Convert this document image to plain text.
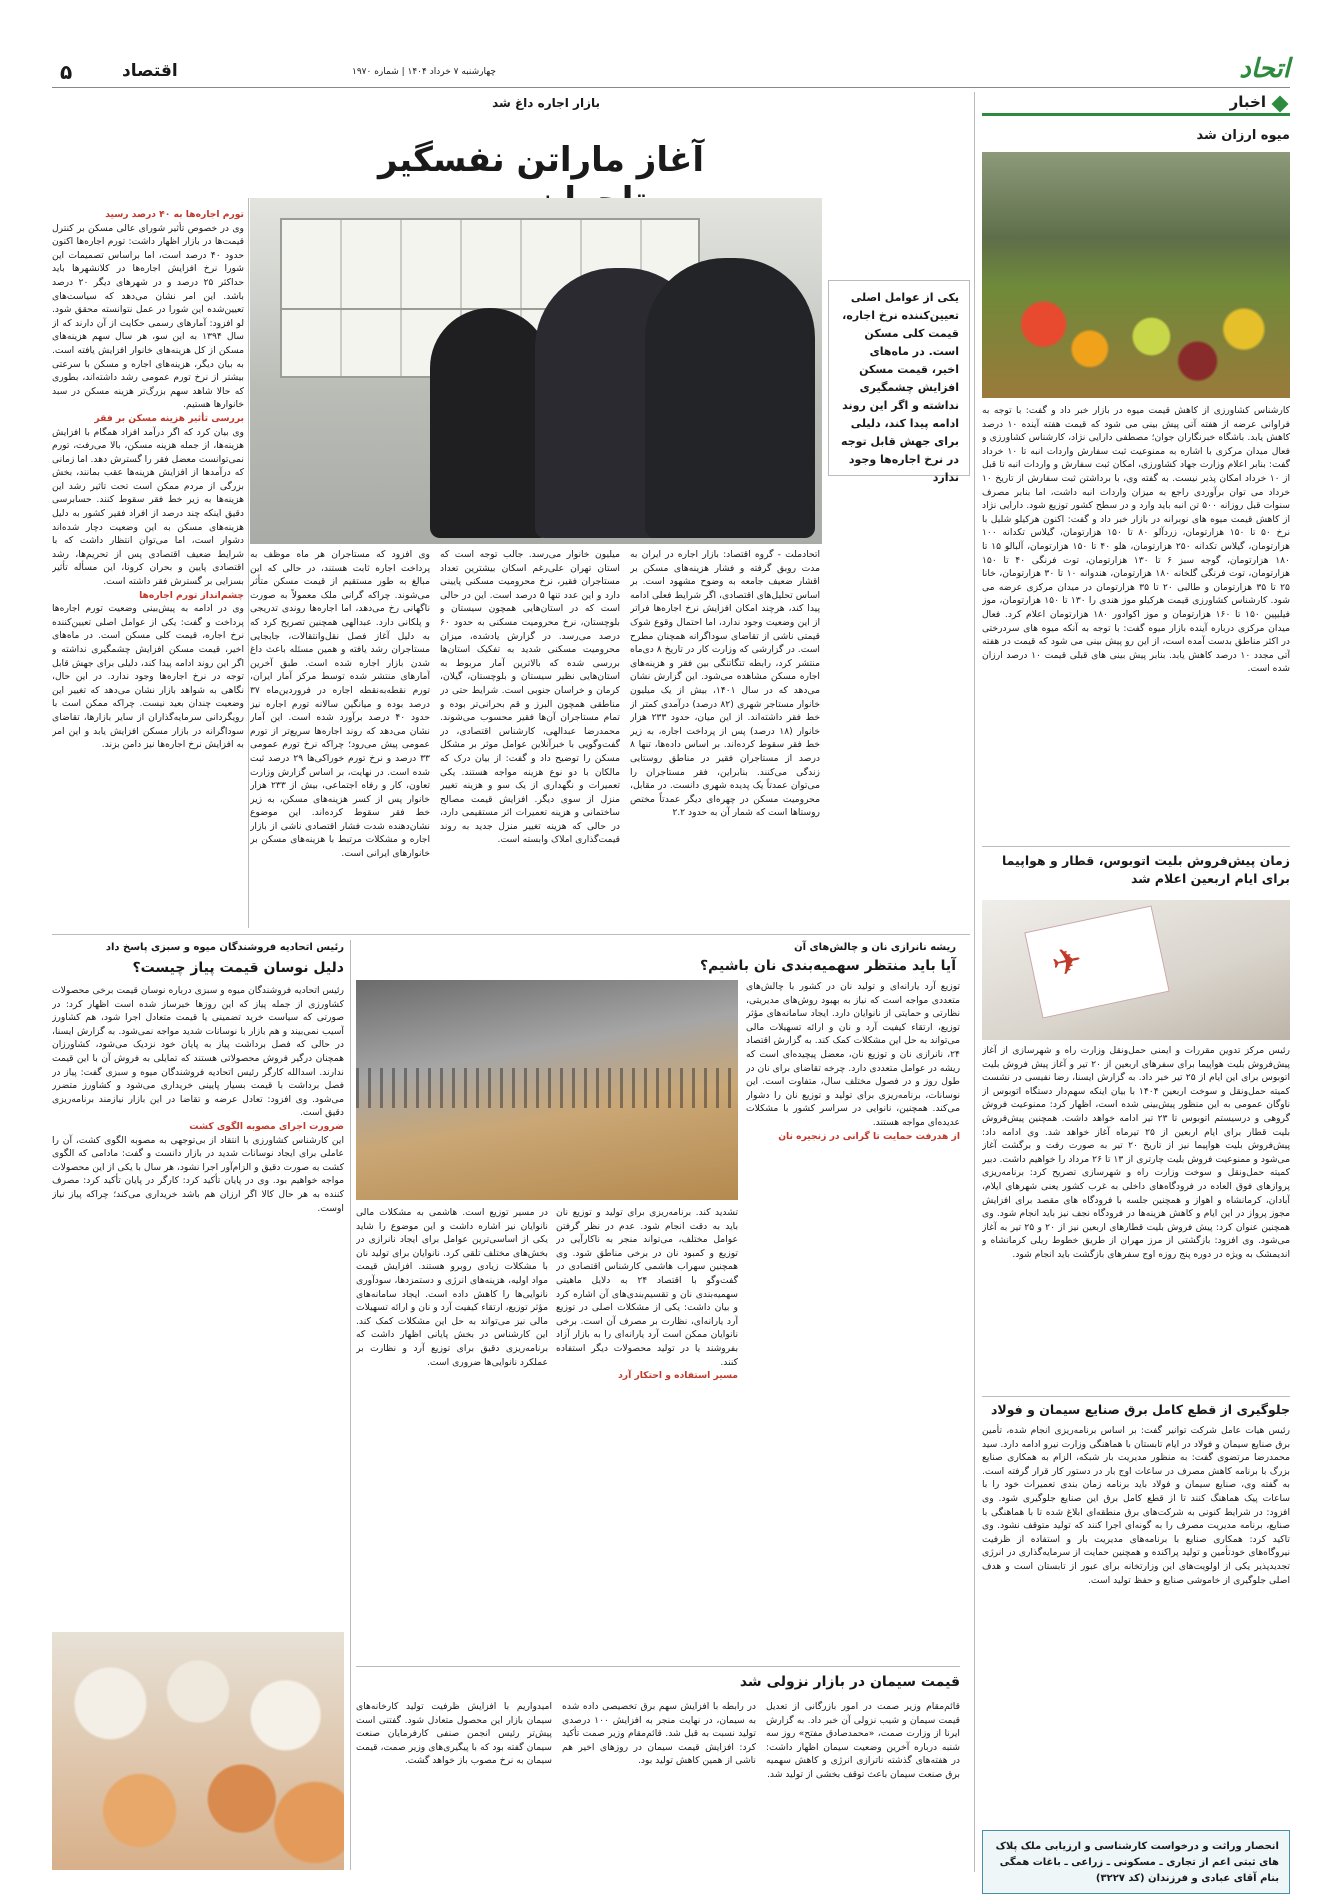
۵	اقتصاد	چهارشنبه ۷ خرداد ۱۴۰۴ | شماره ۱۹۷۰	اتحاد
اخبار
میوه ارزان شد
کارشناس کشاورزی از کاهش قیمت میوه در بازار خبر داد و گفت: با توجه به فراوانی عرضه از هفته آتی پیش بینی می شود که قیمت هفته آینده ۱۰ درصد کاهش یابد. باشگاه خبرنگاران جوان؛ مصطفی دارایی نژاد، کارشناس کشاورزی و فعال میدان مرکزی با اشاره به ممنوعیت ثبت سفارش واردات انبه تا ۱۰ خرداد گفت: بنابر اعلام وزارت جهاد کشاورزی، امکان ثبت سفارش و واردات انبه تا قبل از ۱۰ خرداد امکان پذیر نیست. به گفته وی، با برداشتن ثبت سفارش از تاریخ ۱۰ خرداد می توان برآوردی راجع به میزان واردات انبه داشت، اما بنابر مصرف سنوات قبل روزانه ۵۰۰ تن انبه باید وارد و در سطح کشور توزیع شود. دارایی نژاد از کاهش قیمت میوه های نوبرانه در بازار خبر داد و گفت: اکنون هرکیلو شلیل با نرخ ۵۰ تا ۱۵۰ هزارتومان، زردآلو ۸۰ تا ۱۵۰ هزارتومان، گیلاس تکدانه ۱۰۰ هزارتومان، گیلاس تکدانه ۲۵۰ هزارتومان، هلو ۴۰ تا ۱۵۰ هزارتومان، آلبالو ۱۵ تا ۱۸۰ هزارتومان، گوجه سبز ۶ تا ۱۳۰ هزارتومان، توت فرنگی ۴۰ تا ۱۵۰ هزارتومان، توت فرنگی گلخانه ۱۸۰ هزارتومان، هندوانه ۱۰ تا ۳۰ هزارتومان، خانا ۲۵ تا ۳۵ هزارتومان و طالبی ۲۰ تا ۳۵ هزارتومان در میدان مرکزی عرضه می شود. کارشناس کشاورزی قیمت هرکیلو موز هندی را ۱۳۰ تا ۱۵۰ هزارتومان، موز فیلیپین ۱۵۰ تا ۱۶۰ هزارتومان و موز اکوادور ۱۸۰ هزارتومان اعلام کرد. فعال میدان مرکزی درباره آینده بازار میوه گفت: با توجه به آنکه میوه های سردرختی در اکثر مناطق بدست آمده است، از این رو پیش بینی می شود که قیمت در هفته آتی مجدد ۱۰ درصد کاهش یابد. بنابر پیش بینی های قبلی قیمت ۱۰ درصد ارزان شده است.
زمان پیش‌فروش بلیت اتوبوس، قطار و هواپیما برای ایام اربعین اعلام شد
✈
رئیس مرکز تدوین مقررات و ایمنی حمل‌ونقل وزارت راه و شهرسازی از آغاز پیش‌فروش بلیت هواپیما برای سفرهای اربعین از ۲۰ تیر و آغاز پیش فروش بلیت اتوبوس برای این ایام از ۲۵ تیر خبر داد. به گزارش ایسنا، رضا نفیسی در نشست کمیته حمل‌ونقل و سوخت اربعین ۱۴۰۴ با بیان اینکه سهم‌دار دستگاه اتوبوس از ناوگان عمومی به این منظور پیش‌بینی شده است، اظهار کرد: ممنوعیت فروش گروهی و درسیستم اتوبوس تا ۲۳ تیر ادامه خواهد داشت. همچنین پیش‌فروش بلیت قطار برای ایام اربعین از ۲۵ تیرماه آغاز خواهد شد. وی ادامه داد: پیش‌فروش بلیت هواپیما نیز از تاریخ ۲۰ تیر به صورت رفت و برگشت آغاز می‌شود و ممنوعیت فروش بلیت چارتری از ۱۳ تا ۲۶ مرداد را خواهیم داشت. دبیر کمیته حمل‌ونقل و سوخت وزارت راه و شهرسازی تصریح کرد: برنامه‌ریزی پروازهای فوق العاده در فرودگاه‌های داخلی به غرب کشور یعنی شهرهای ایلام، آبادان، کرمانشاه و اهواز و همچنین جلسه با فرودگاه های مقصد برای افزایش مجوز پرواز در این ایام و کاهش هزینه‌ها در فرودگاه نجف نیز باید انجام شود. وی همچنین عنوان کرد: پیش فروش بلیت قطارهای اربعین نیز از ۲۰ و ۲۵ تیر به آغاز می‌شود. وی افزود: بازگشتی از مرز مهران از طریق خطوط ریلی کرمانشاه و اندیمشک به ویژه در دوره پنج روزه اوج سفرهای بازگشت باید انجام شود.
جلوگیری از قطع کامل برق صنایع سیمان و فولاد
رئیس هیات عامل شرکت توانیر گفت: بر اساس برنامه‌ریزی انجام شده، تأمین برق صنایع سیمان و فولاد در ایام تابستان با هماهنگی وزارت نیرو ادامه دارد. سید محمدرضا مرتضوی گفت: به منظور مدیریت بار شبکه، الزام به همکاری صنایع بزرگ با برنامه کاهش مصرف در ساعات اوج بار در دستور کار قرار گرفته است. به گفته وی، صنایع سیمان و فولاد باید برنامه زمان بندی تعمیرات خود را با ساعات پیک هماهنگ کنند تا از قطع کامل برق این صنایع جلوگیری شود. وی افزود: در شرایط کنونی به شرکت‌های برق منطقه‌ای ابلاغ شده تا با هماهنگی با صنایع، برنامه مدیریت مصرف را به گونه‌ای اجرا کنند که تولید متوقف نشود. وی تاکید کرد: همکاری صنایع با برنامه‌های مدیریت بار و استفاده از ظرفیت نیروگاه‌های خودتأمین و تولید پراکنده و همچنین حمایت از سرمایه‌گذاری در انرژی تجدیدپذیر یکی از اولویت‌های این وزارتخانه برای عبور از تابستان است و هدف اصلی جلوگیری از خاموشی صنایع و حفظ تولید است.
انحصار وراثت و درخواست کارشناسی و ارزیابی ملک پلاک های ثبتی اعم از تجاری ـ مسکونی ـ زراعی ـ باغات همگی بنام آقای عبادی و فرزندان (کد ۳۲۲۷)
بازار اجاره داغ شد
آغاز ماراتن نفسگیر
یکی از عوامل اصلی تعیین‌کننده نرخ اجاره، قیمت کلی مسکن است. در ماه‌های اخیر، قیمت مسکن افزایش چشمگیری نداشته و اگر این روند ادامه پیدا کند، دلیلی برای جهش قابل توجه در نرخ اجاره‌ها وجود ندارد
تورم اجاره‌ها به ۴۰ درصد رسید
وی در خصوص تأثیر شورای عالی مسکن بر کنترل قیمت‌ها در بازار اظهار داشت: تورم اجاره‌ها اکنون حدود ۴۰ درصد است، اما براساس تصمیمات این شورا نرخ افزایش اجاره‌ها در کلانشهرها باید حداکثر ۲۵ درصد و در شهرهای دیگر ۲۰ درصد باشد. این امر نشان می‌دهد که سیاست‌های تعیین‌شده این شورا در عمل نتوانسته محقق شود. لو افزود: آمارهای رسمی حکایت از آن دارند که از سال ۱۳۹۴ به این سو، هر سال سهم هزینه‌های مسکن از کل هزینه‌های خانوار افزایش یافته است. به بیان دیگر، هزینه‌های اجاره و مسکن با سرعتی بیشتر از نرخ تورم عمومی رشد داشته‌اند، بطوری که حالا شاهد سهم بزرگ‌تر هزینه مسکن در سبد خانوارها هستیم.
بررسی تأثیر هزینه مسکن بر فقر
وی بیان کرد که اگر درآمد افراد همگام با افزایش هزینه‌ها، از جمله هزینه مسکن، بالا می‌رفت، تورم نمی‌توانست معضل فقر را گسترش دهد. اما زمانی که درآمدها از افزایش هزینه‌ها عقب بمانند، بخش بزرگی از مردم ممکن است تحت تاثیر رشد این هزینه‌ها به زیر خط فقر سقوط کنند. حسابرسی دقیق اینکه چند درصد از افراد فقیر کشور به دلیل هزینه‌های مسکن به این وضعیت دچار شده‌اند دشوار است، اما می‌توان انتظار داشت که با شرایط ضعیف اقتصادی پس از تحریم‌ها، رشد اقتصادی پایین و بحران کرونا، این مسأله تأثیر بسزایی بر گسترش فقر داشته است.
چشم‌انداز تورم اجاره‌ها
وی در ادامه به پیش‌بینی وضعیت تورم اجاره‌ها پرداخت و گفت: یکی از عوامل اصلی تعیین‌کننده نرخ اجاره، قیمت کلی مسکن است. در ماه‌های اخیر، قیمت مسکن افزایش چشمگیری نداشته و اگر این روند ادامه پیدا کند، دلیلی برای جهش قابل توجه در نرخ اجاره‌ها وجود ندارد. در این حال، نگاهی به شواهد بازار نشان می‌دهد که تغییر این وضعیت چندان بعید نیست. چراکه ممکن است با رویگردانی سرمایه‌گذاران از سایر بازارها، تقاضای سوداگرانه در بازار مسکن افزایش یابد و این امر به افزایش نرخ اجاره‌ها نیز دامن بزند.
وی افزود که مستاجران هر ماه موظف به پرداخت اجاره ثابت هستند، در حالی که این مبالغ به طور مستقیم از قیمت مسکن متأثر می‌شوند. چراکه گرانی ملک معمولاً به صورت ناگهانی رخ می‌دهد، اما اجاره‌ها روندی تدریجی و پلکانی دارد. عبدالهی همچنین تصریح کرد که به دلیل آغاز فصل نقل‌وانتقالات، جابجایی مستاجران رشد یافته و همین مسئله باعث داغ شدن بازار اجاره شده است. طبق آخرین آمارهای منتشر شده توسط مرکز آمار ایران، تورم نقطه‌به‌نقطه اجاره در فروردین‌ماه ۳۷ درصد بوده و میانگین سالانه تورم اجاره نیز حدود ۴۰ درصد برآورد شده است. این آمار نشان می‌دهد که روند اجاره‌ها سریع‌تر از تورم عمومی پیش می‌رود؛ چراکه نرخ تورم عمومی ۳۳ درصد و نرخ تورم خوراکی‌ها ۲۹ درصد ثبت شده است. در نهایت، بر اساس گزارش وزارت تعاون، کار و رفاه اجتماعی، بیش از ۲۳۳ هزار خانوار پس از کسر هزینه‌های مسکن، به زیر خط فقر سقوط کرده‌اند. این موضوع نشان‌دهنده شدت فشار اقتصادی ناشی از بازار اجاره و مشکلات مرتبط با هزینه‌های مسکن بر خانوارهای ایرانی است.
میلیون خانوار می‌رسد. جالب توجه است که استان تهران علی‌رغم اسکان بیشترین تعداد مستاجران فقیر، نرخ محرومیت مسکنی پایینی دارد و این عدد تنها ۵ درصد است. این در حالی است که در استان‌هایی همچون سیستان و بلوچستان، نرخ محرومیت مسکنی به حدود ۶۰ درصد می‌رسد. در گزارش یادشده، میزان محرومیت مسکنی شدید به تفکیک استان‌ها بررسی شده که بالاترین آمار مربوط به استان‌هایی نظیر سیستان و بلوچستان، گیلان، کرمان و خراسان جنوبی است. شرایط حتی در مناطقی همچون البرز و قم بحرانی‌تر بوده و تمام مستاجران آن‌ها فقیر محسوب می‌شوند. محمدرضا عبدالهی، کارشناس اقتصادی، در گفت‌وگویی با خبرآنلاین عوامل موثر بر مشکل مسکن را توضیح داد و گفت: از بیان درک که مالکان با دو نوع هزینه مواجه هستند. یکی تعمیرات و نگهداری از یک سو و هزینه تغییر منزل از سوی دیگر. افزایش قیمت مصالح ساختمانی و هزینه تعمیرات اثر مستقیمی دارد، در حالی که هزینه تغییر منزل جدید به روند قیمت‌گذاری املاک وابسته است.
اتحادملت - گروه اقتصاد: بازار اجاره در ایران به مدت روبق گرفته و فشار هزینه‌های مسکن بر اقشار ضعیف جامعه به وضوح مشهود است. بر اساس تحلیل‌های اقتصادی، اگر شرایط فعلی ادامه پیدا کند، هرچند امکان افزایش نرخ اجاره‌ها فراتر از این وضعیت وجود ندارد، اما احتمال وقوع شوک قیمتی ناشی از تقاضای سوداگرانه همچنان مطرح است. در گزارشی که وزارت کار در تاریخ ۸ دی‌ماه منتشر کرد، رابطه تنگاتنگی بین فقر و هزینه‌های اجاره مسکن مشاهده می‌شود. این گزارش نشان می‌دهد که در سال ۱۴۰۱، بیش از یک میلیون خانوار مستاجر شهری (۸۲ درصد) درآمدی کمتر از خط فقر داشته‌اند. از این میان، حدود ۲۳۳ هزار خانوار (۱۸ درصد) پس از پرداخت اجاره، به زیر خط فقر سقوط کرده‌اند. بر اساس داده‌ها، تنها ۸ درصد از مستاجران فقیر در مناطق روستایی زندگی می‌کنند. بنابراین، فقر مستاجران را می‌توان عمدتاً یک پدیده شهری دانست. در مقابل، محرومیت مسکن در چهره‌ای دیگر عمدتاً مختص روستاها است که شمار آن به حدود ۲.۲
ریشه نانرازی نان و چالش‌های آن
آیا باید منتظر سهمیه‌بندی نان باشیم؟
توزیع آرد یارانه‌ای و تولید نان در کشور با چالش‌های متعددی مواجه است که نیاز به بهبود روش‌های مدیریتی، نظارتی و حمایتی از نانوایان دارد. ایجاد سامانه‌های مؤثر توزیع، ارتقاء کیفیت آرد و نان و ارائه تسهیلات مالی می‌تواند به حل این مشکلات کمک کند. به گزارش اقتصاد ۲۴، نانرازی نان و توزیع نان، معضل پیچیده‌ای است که ریشه در عوامل متعددی دارد. چرخه تقاضای برای نان در طول روز و در فصول مختلف سال، متفاوت است. این نوسانات، برنامه‌ریزی برای تولید و توزیع نان را دشوار می‌کند. همچنین، نانوایی در سراسر کشور با مشکلات عدیده‌ای مواجه هستند.
از هدرفت حمایت تا گرانی در زنجیره نان
تشدید کند. برنامه‌ریزی برای تولید و توزیع نان باید به دقت انجام شود. عدم در نظر گرفتن عوامل مختلف، می‌تواند منجر به ناکارآیی در توزیع و کمبود نان در برخی مناطق شود. وی همچنین سهراب هاشمی کارشناس اقتصادی در گفت‌وگو با اقتصاد ۲۴ به دلایل ماهیتی سهمیه‌بندی نان و تقسیم‌بندی‌های آن اشاره کرد و بیان داشت: یکی از مشکلات اصلی در توزیع آرد یارانه‌ای، نظارت بر مصرف آن است. برخی نانوایان ممکن است آرد یارانه‌ای را به بازار آزاد بفروشند یا در تولید محصولات دیگر استفاده کنند.
مسیر استفاده و احتکار آرد
در مسیر توزیع است. هاشمی به مشکلات مالی نانوایان نیز اشاره داشت و این موضوع را شاید یکی از اساسی‌ترین عوامل برای ایجاد نانرازی در بخش‌های مختلف تلقی کرد. نانوایان برای تولید نان با مشکلات زیادی روبرو هستند. افزایش قیمت مواد اولیه، هزینه‌های انرژی و دستمزدها، سودآوری نانوایی‌ها را کاهش داده است. ایجاد سامانه‌های مؤثر توزیع، ارتقاء کیفیت آرد و نان و ارائه تسهیلات مالی نیز می‌تواند به حل این مشکلات کمک کند. این کارشناس در بخش پایانی اظهار داشت که برنامه‌ریزی دقیق برای توزیع آرد و نظارت بر عملکرد نانوایی‌ها ضروری است.
رئیس اتحادیه فروشندگان میوه و سبزی پاسخ داد
دلیل نوسان قیمت پیاز چیست؟
رئیس اتحادیه فروشندگان میوه و سبزی درباره نوسان قیمت برخی محصولات کشاورزی از جمله پیاز که این روزها خبرساز شده است اظهار کرد: در صورتی که سیاست خرید تضمینی یا قیمت متعادل اجرا شود، هم کشاورز آسیب نمی‌بیند و هم بازار با نوسانات شدید مواجه نمی‌شود. به گزارش ایسنا، در حالی که فصل برداشت پیاز به پایان خود نزدیک می‌شود، کشاورزان همچنان درگیر فروش محصولاتی هستند که تمایلی به فروش آن با این قیمت ندارند. اسدالله کارگر رئیس اتحادیه فروشندگان میوه و سبزی گفت: پیاز در فصل برداشت با قیمت بسیار پایینی خریداری می‌شود و کشاورز متضرر می‌شود. وی افزود: تعادل عرضه و تقاضا در این بازار نیازمند برنامه‌ریزی دقیق است.
ضرورت اجرای مصوبه الگوی کشت
این کارشناس کشاورزی با انتقاد از بی‌توجهی به مصوبه الگوی کشت، آن را عاملی برای ایجاد نوسانات شدید در بازار دانست و گفت: مادامی که الگوی کشت به صورت دقیق و الزام‌آور اجرا نشود، هر سال با یکی از این محصولات مواجه خواهیم بود. وی در پایان تأکید کرد: کارگر در پایان تأکید کرد: مصرف کننده به هر حال کالا اگر ارزان هم باشد خریداری می‌کند؛ چراکه پیاز نیاز اوست.
قیمت سیمان در بازار نزولی شد
قائم‌مقام وزیر صمت در امور بازرگانی از تعدیل قیمت سیمان و شیب نزولی آن خبر داد. به گزارش ایرنا از وزارت صمت، «محمدصادق مفتح» روز سه شنبه درباره آخرین وضعیت سیمان اظهار داشت: در هفته‌های گذشته ناترازی انرژی و کاهش سهمیه برق صنعت سیمان باعث توقف بخشی از تولید شد.
در رابطه با افزایش سهم برق تخصیصی داده شده به سیمان، در نهایت منجر به افزایش ۱۰۰ درصدی تولید نسبت به قبل شد. قائم‌مقام وزیر صمت تأکید کرد: افزایش قیمت سیمان در روزهای اخیر هم ناشی از همین کاهش تولید بود.
امیدواریم با افزایش ظرفیت تولید کارخانه‌های سیمان بازار این محصول متعادل شود. گفتنی است پیش‌تر رئیس انجمن صنفی کارفرمایان صنعت سیمان گفته بود که با پیگیری‌های وزیر صمت، قیمت سیمان به نرخ مصوب باز خواهد گشت.
